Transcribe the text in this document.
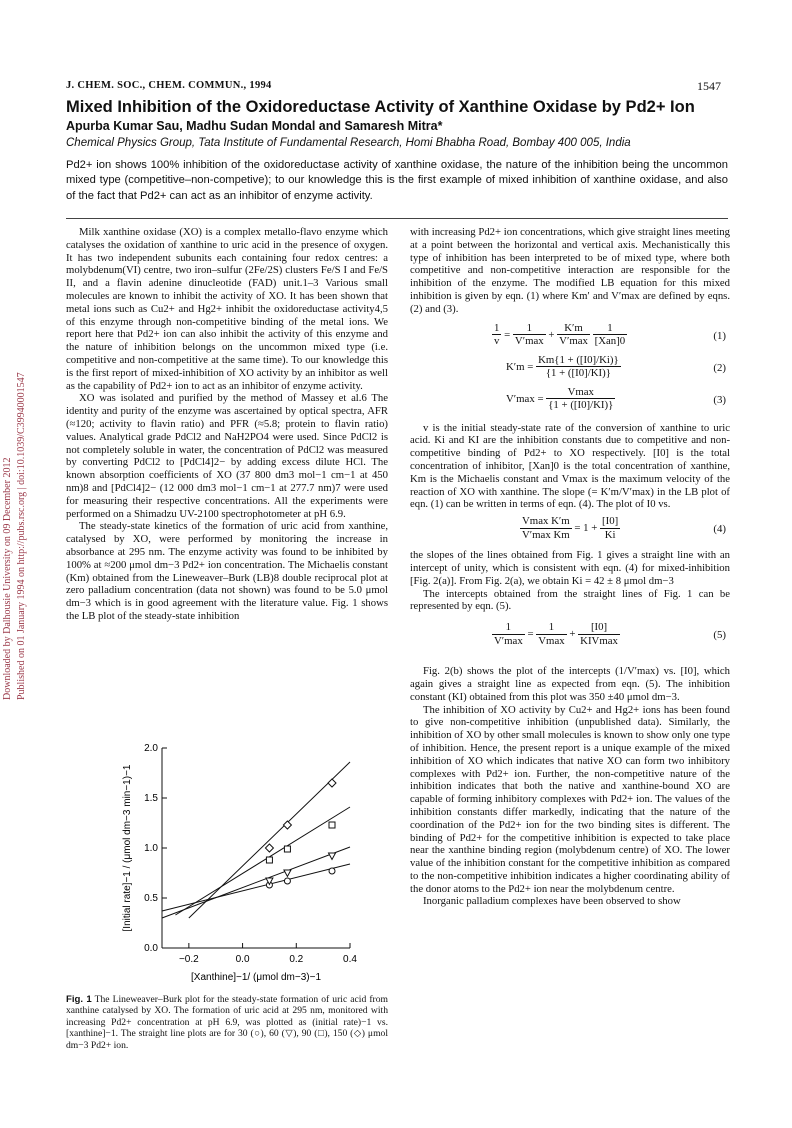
Downloaded by Dalhousie University on 09 December 2012 Published on 01 January 1994 on http://pubs.rsc.org | doi:10.1039/C39940001547
J. CHEM. SOC., CHEM. COMMUN., 1994	1547
Mixed Inhibition of the Oxidoreductase Activity of Xanthine Oxidase by Pd2+ Ion
Apurba Kumar Sau, Madhu Sudan Mondal and Samaresh Mitra*
Chemical Physics Group, Tata Institute of Fundamental Research, Homi Bhabha Road, Bombay 400 005, India
Pd2+ ion shows 100% inhibition of the oxidoreductase activity of xanthine oxidase, the nature of the inhibition being the uncommon mixed type (competitive–non-competive); to our knowledge this is the first example of mixed inhibition of xanthine oxidase, and also of the fact that Pd2+ can act as an inhibitor of enzyme activity.

Milk xanthine oxidase (XO) is a complex metallo-flavo enzyme which catalyses the oxidation of xanthine to uric acid in the presence of oxygen. It has two independent subunits each containing four redox centres: a molybdenum(VI) centre, two iron–sulfur (2Fe/2S) clusters Fe/S I and Fe/S II, and a flavin adenine dinucleotide (FAD) unit.1–3 Various small molecules are known to inhibit the activity of XO. It has been shown that metal ions such as Cu2+ and Hg2+ inhibit the oxidoreductase activity4,5 of this enzyme through non-competitive binding of the metal ions. We report here that Pd2+ ion can also inhibit the activity of this enzyme and the nature of inhibition belongs on the uncommon mixed type (i.e. competitive and non-competitive at the same time). To our knowledge this is the first report of mixed-inhibition of XO activity by an inhibitor as well as the capability of Pd2+ ion to act as an inhibitor of enzyme activity.

XO was isolated and purified by the method of Massey et al.6 The identity and purity of the enzyme was ascertained by optical spectra, AFR (≈120; activity to flavin ratio) and PFR (≈5.8; protein to flavin ratio) values. Analytical grade PdCl2 and NaH2PO4 were used. Since PdCl2 is not completely soluble in water, the concentration of PdCl2 was measured by converting PdCl2 to [PdCl4]2− by adding excess dilute HCl. The known absorption coefficients of XO (37 800 dm3 mol−1 cm−1 at 450 nm)8 and [PdCl4]2− (12 000 dm3 mol−1 cm−1 at 277.7 nm)7 were used for measuring their respective concentrations. All the experiments were performed on a Shimadzu UV-2100 spectrophotometer at pH 6.9.

The steady-state kinetics of the formation of uric acid from xanthine, catalysed by XO, were performed by monitoring the increase in absorbance at 295 nm. The enzyme activity was found to be inhibited by 100% at ≈200 μmol dm−3 Pd2+ ion concentration. The Michaelis constant (Km) obtained from the Lineweaver–Burk (LB)8 double reciprocal plot at zero palladium concentration (data not shown) was found to be 5.0 μmol dm−3 which is in good agreement with the literature value. Fig. 1 shows the LB plot of the steady-state inhibition

−0.2	0.0	0.2	0.4
0.0
0.5
1.0
1.5
2.0
[Xanthine]−1/ (μmol dm−3)−1
[Initial rate]−1 / (μmol dm−3 min−1)−1
Fig. 1 The Lineweaver–Burk plot for the steady-state formation of uric acid from xanthine catalysed by XO. The formation of uric acid at 295 nm, monitored with increasing Pd2+ concentration at pH 6.9, was plotted as (initial rate)−1 vs. [xanthine]−1. The straight line plots are for 30 (○), 60 (▽), 90 (□), 150 (◇) μmol dm−3 Pd2+ ion.

with increasing Pd2+ ion concentrations, which give straight lines meeting at a point between the horizontal and vertical axis. Mechanistically this type of inhibition has been interpreted to be of mixed type, where both competitive and non-competitive interaction are responsible for the inhibition of the enzyme. The modified LB equation for this mixed inhibition is given by eqn. (1) where Km′ and V′max are defined by eqns. (2) and (3).

$\frac{1}{v}$ =
1
V′max
+
K′m
V′max

1
[Xan]0	(1)
$K'm = \frac{Km\{1 + ([I0]/Ki)\}}{\{1 + ([I0]/KI)\}}$	(2)
V′max =
Vmax
{1 + ([I0]/KI)}	(3)

v is the initial steady-state rate of the conversion of xanthine to uric acid. Ki and KI are the inhibition constants due to competitive and non-competitive binding of Pd2+ to XO respectively. [I0] is the total concentration of inhibitor, [Xan]0 is the total concentration of xanthine, Km is the Michaelis constant and Vmax is the maximum velocity of the reaction of XO with xanthine. The slope (= K′m/V′max) in the LB plot of eqn. (1) can be written in terms of eqn. (4). The plot of I0 vs.

Vmax K′m
V′max Km
= $1 + \frac{[I0]}{Ki}$	(4)

the slopes of the lines obtained from Fig. 1 gives a straight line with an intercept of unity, which is consistent with eqn. (4) for mixed-inhibition [Fig. 2(a)]. From Fig. 2(a), we obtain Ki = 42 ± 8 μmol dm−3

The intercepts obtained from the straight lines of Fig. 1 can be represented by eqn. (5).

1
V′max
=
1
Vmax
+
[I0]
KIVmax	(5)

Fig. 2(b) shows the plot of the intercepts (1/V′max) vs. [I0], which again gives a straight line as expected from eqn. (5). The inhibition constant (KI) obtained from this plot was 350 ±40 μmol dm−3.

The inhibition of XO activity by Cu2+ and Hg2+ ions has been found to give non-competitive inhibition (unpublished data). Similarly, the inhibition of XO by other small molecules is known to show only one type of inhibition. Hence, the present report is a unique example of the mixed inhibition of XO which indicates that native XO can form two inhibitory complexes with Pd2+ ion. Further, the non-competitive nature of the inhibition indicates that both the native and xanthine-bound XO are capable of forming inhibitory complexes with Pd2+ ion. The values of the inhibition constants differ markedly, indicating that the nature of the coordination of the Pd2+ ion for the two binding sites is different. The binding of Pd2+ for the competitive inhibition is expected to take place near the xanthine binding region (molybdenum centre) of XO. The lower value of the inhibition constant for the competitive inhibition as compared to the non-competitive inhibition indicates a higher coordinating ability of the donor atoms to the Pd2+ ion near the molybdenum centre.

Inorganic palladium complexes have been observed to show
